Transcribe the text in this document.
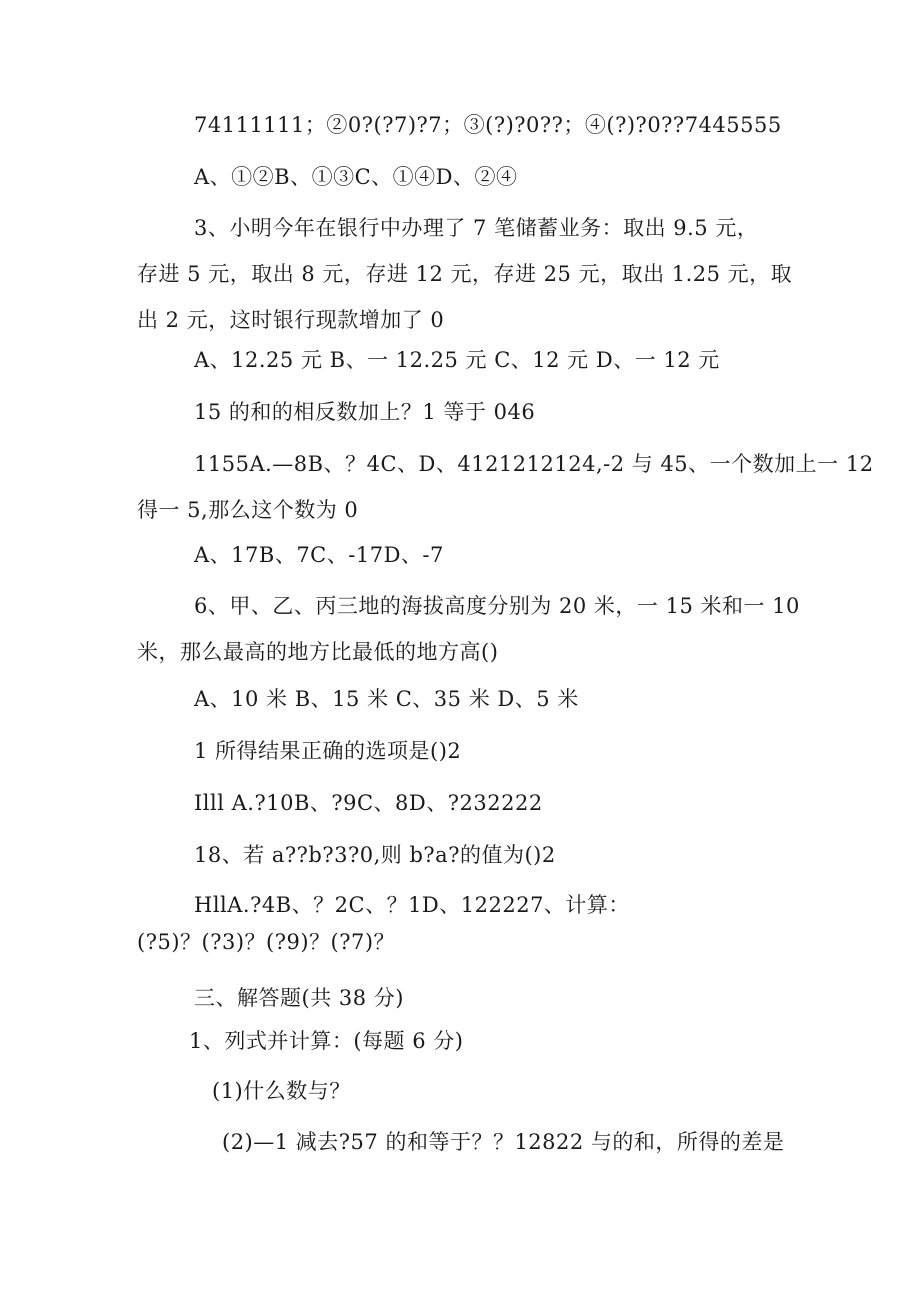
74111111；②0?(?7)?7；③(?)?0??；④(?)?0??7445555
A、①②B、①③C、①④D、②④
3、小明今年在银行中办理了 7 笔储蓄业务：取出 9.5 元，
存进 5 元，取出 8 元，存进 12 元，存进 25 元，取出 1.25 元，取
出 2 元，这时银行现款增加了 0
A、12.25 元 B、一 12.25 元 C、12 元 D、一 12 元
15 的和的相反数加上？1 等于 046
1155A.—8B、？4C、D、4121212124,-2 与 45、一个数加上一 12
得一 5,那么这个数为 0
A、17B、7C、-17D、-7
6、甲、乙、丙三地的海拔高度分别为 20 米，一 15 米和一 10
米，那么最高的地方比最低的地方高()
A、10 米 B、15 米 C、35 米 D、5 米
1 所得结果正确的选项是()2
Illl A.?10B、?9C、8D、?232222
18、若 a??b?3?0,则 b?a?的值为()2
HllA.?4B、？2C、？1D、122227、计算：
(?5)？(?3)？(?9)？(?7)？
三、解答题(共 38 分)
1、列式并计算：(每题 6 分)
(1)什么数与？
(2)—1 减去?57 的和等于？？12822 与的和，所得的差是
